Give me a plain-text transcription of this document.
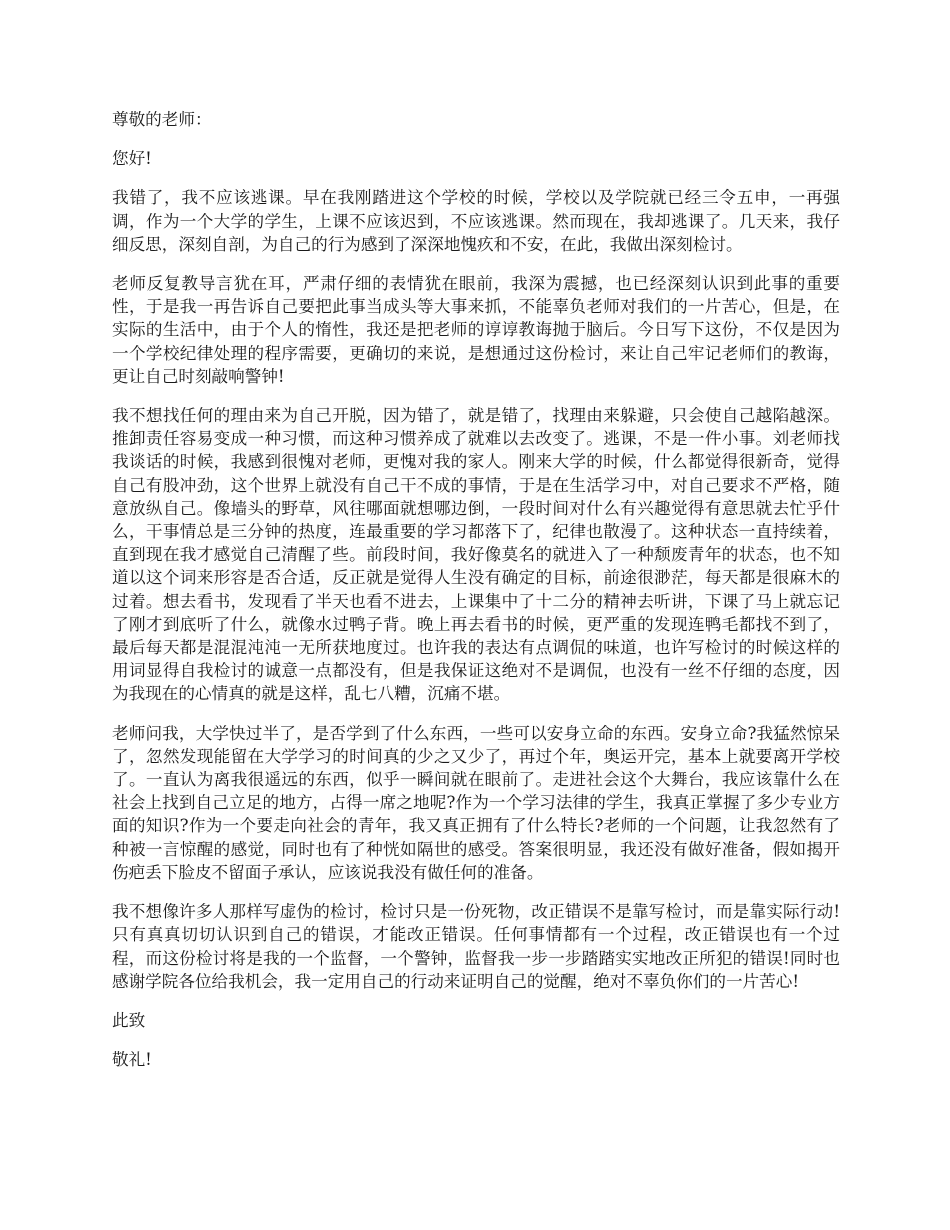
尊敬的老师：

您好!

我错了，我不应该逃课。早在我刚踏进这个学校的时候，学校以及学院就已经三令五申，一再强调，作为一个大学的学生，上课不应该迟到，不应该逃课。然而现在，我却逃课了。几天来，我仔细反思，深刻自剖，为自己的行为感到了深深地愧疚和不安，在此，我做出深刻检讨。

老师反复教导言犹在耳，严肃仔细的表情犹在眼前，我深为震撼，也已经深刻认识到此事的重要性，于是我一再告诉自己要把此事当成头等大事来抓，不能辜负老师对我们的一片苦心，但是，在实际的生活中，由于个人的惰性，我还是把老师的谆谆教诲抛于脑后。今日写下这份，不仅是因为一个学校纪律处理的程序需要，更确切的来说，是想通过这份检讨，来让自己牢记老师们的教诲，更让自己时刻敲响警钟!

我不想找任何的理由来为自己开脱，因为错了，就是错了，找理由来躲避，只会使自己越陷越深。推卸责任容易变成一种习惯，而这种习惯养成了就难以去改变了。逃课，不是一件小事。刘老师找我谈话的时候，我感到很愧对老师，更愧对我的家人。刚来大学的时候，什么都觉得很新奇，觉得自己有股冲劲，这个世界上就没有自己干不成的事情，于是在生活学习中，对自己要求不严格，随意放纵自己。像墙头的野草，风往哪面就想哪边倒，一段时间对什么有兴趣觉得有意思就去忙乎什么，干事情总是三分钟的热度，连最重要的学习都落下了，纪律也散漫了。这种状态一直持续着，直到现在我才感觉自己清醒了些。前段时间，我好像莫名的就进入了一种颓废青年的状态，也不知道以这个词来形容是否合适，反正就是觉得人生没有确定的目标，前途很渺茫，每天都是很麻木的过着。想去看书，发现看了半天也看不进去，上课集中了十二分的精神去听讲，下课了马上就忘记了刚才到底听了什么，就像水过鸭子背。晚上再去看书的时候，更严重的发现连鸭毛都找不到了，最后每天都是混混沌沌一无所获地度过。也许我的表达有点调侃的味道，也许写检讨的时候这样的用词显得自我检讨的诚意一点都没有，但是我保证这绝对不是调侃，也没有一丝不仔细的态度，因为我现在的心情真的就是这样，乱七八糟，沉痛不堪。

老师问我，大学快过半了，是否学到了什么东西，一些可以安身立命的东西。安身立命?我猛然惊呆了，忽然发现能留在大学学习的时间真的少之又少了，再过个年，奥运开完，基本上就要离开学校了。一直认为离我很遥远的东西，似乎一瞬间就在眼前了。走进社会这个大舞台，我应该靠什么在社会上找到自己立足的地方，占得一席之地呢?作为一个学习法律的学生，我真正掌握了多少专业方面的知识?作为一个要走向社会的青年，我又真正拥有了什么特长?老师的一个问题，让我忽然有了种被一言惊醒的感觉，同时也有了种恍如隔世的感受。答案很明显，我还没有做好准备，假如揭开伤疤丢下脸皮不留面子承认，应该说我没有做任何的准备。

我不想像许多人那样写虚伪的检讨，检讨只是一份死物，改正错误不是靠写检讨，而是靠实际行动!只有真真切切认识到自己的错误，才能改正错误。任何事情都有一个过程，改正错误也有一个过程，而这份检讨将是我的一个监督，一个警钟，监督我一步一步踏踏实实地改正所犯的错误!同时也感谢学院各位给我机会，我一定用自己的行动来证明自己的觉醒，绝对不辜负你们的一片苦心!

此致

敬礼!
